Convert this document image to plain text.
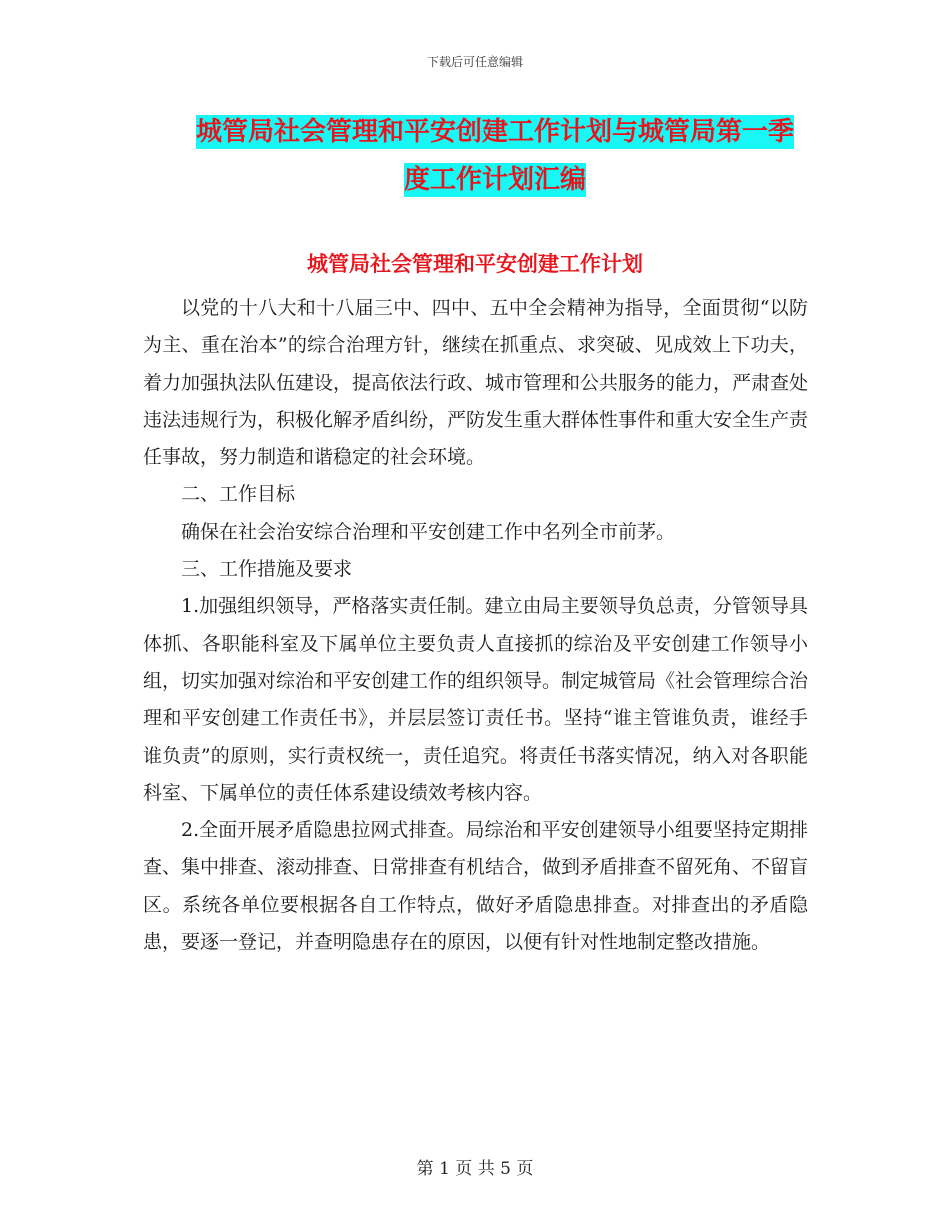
下载后可任意编辑
城管局社会管理和平安创建工作计划与城管局第一季
度工作计划汇编
城管局社会管理和平安创建工作计划

以党的十八大和十八届三中、四中、五中全会精神为指导，全面贯彻“以防为主、重在治本”的综合治理方针，继续在抓重点、求突破、见成效上下功夫，着力加强执法队伍建设，提高依法行政、城市管理和公共服务的能力，严肃查处违法违规行为，积极化解矛盾纠纷，严防发生重大群体性事件和重大安全生产责任事故，努力制造和谐稳定的社会环境。

二、工作目标

确保在社会治安综合治理和平安创建工作中名列全市前茅。

三、工作措施及要求

1.加强组织领导，严格落实责任制。建立由局主要领导负总责，分管领导具体抓、各职能科室及下属单位主要负责人直接抓的综治及平安创建工作领导小组，切实加强对综治和平安创建工作的组织领导。制定城管局《社会管理综合治理和平安创建工作责任书》，并层层签订责任书。坚持“谁主管谁负责，谁经手谁负责”的原则，实行责权统一，责任追究。将责任书落实情况，纳入对各职能科室、下属单位的责任体系建设绩效考核内容。

2.全面开展矛盾隐患拉网式排查。局综治和平安创建领导小组要坚持定期排查、集中排查、滚动排查、日常排查有机结合，做到矛盾排查不留死角、不留盲区。系统各单位要根据各自工作特点，做好矛盾隐患排查。对排查出的矛盾隐患，要逐一登记，并查明隐患存在的原因，以便有针对性地制定整改措施。

第 1 页 共 5 页
